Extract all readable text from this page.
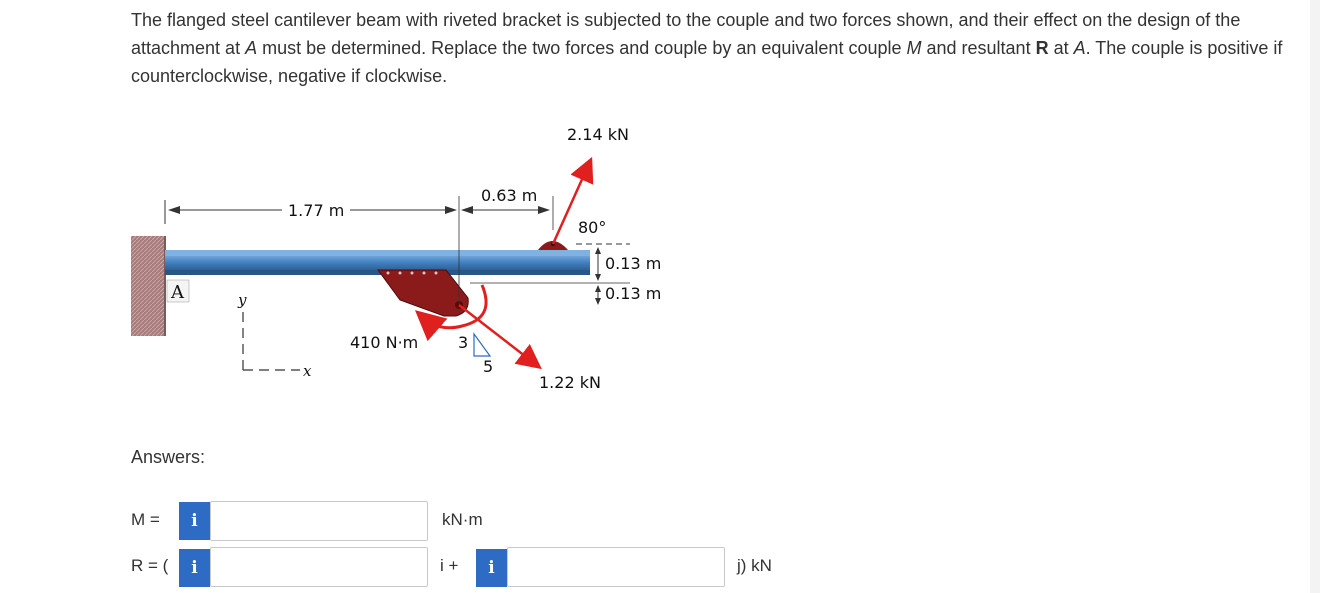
The flanged steel cantilever beam with riveted bracket is subjected to the couple and two forces shown, and their effect on the design of the attachment at A must be determined. Replace the two forces and couple by an equivalent couple M and resultant R at A. The couple is positive if counterclockwise, negative if clockwise.
A	y
x
1.77 m
0.63 m
2.14 kN
80°
0.13 m
0.13 m
410 N·m
1.22 kN
3
5
Answers:
M = i	kN·m
R = ( i	i + i	j) kN
